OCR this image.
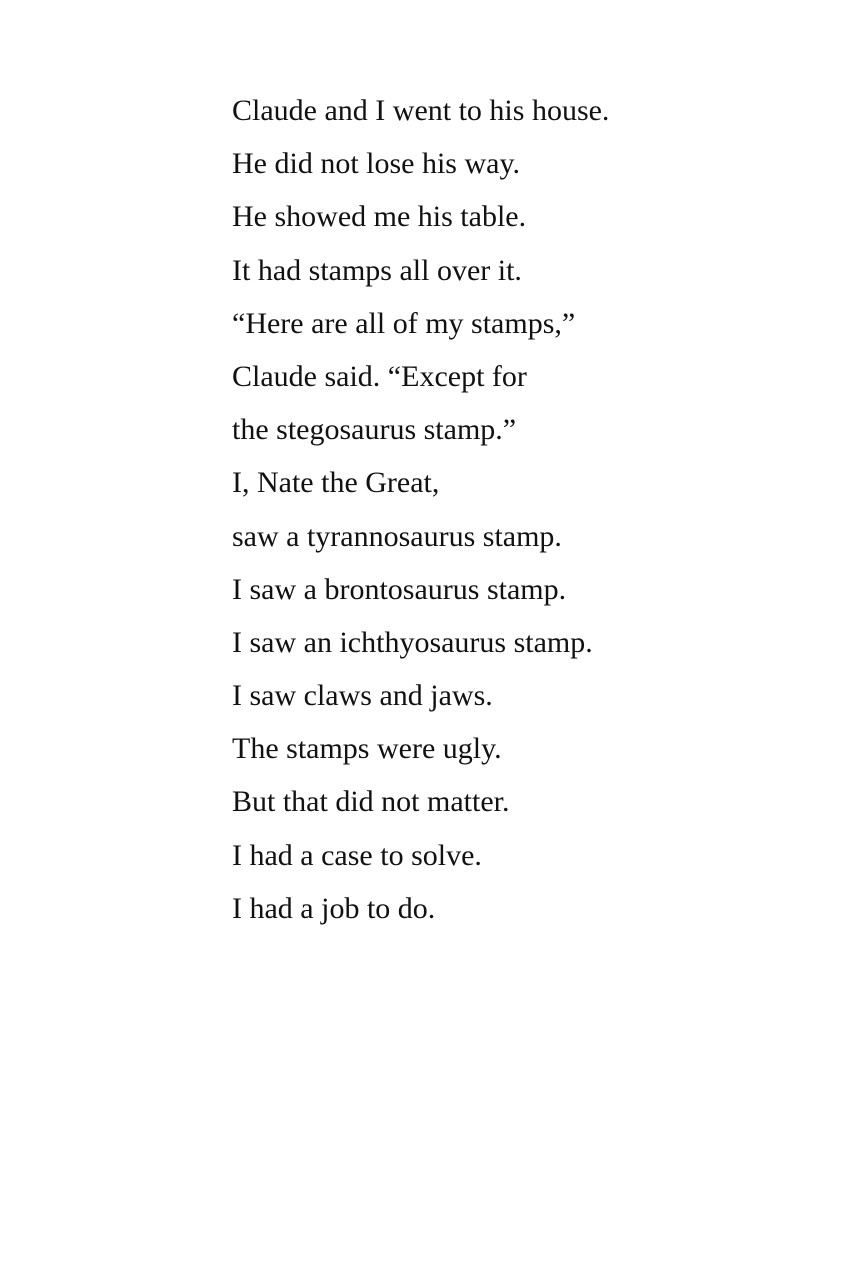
Claude and I went to his house.
He did not lose his way.
He showed me his table.
It had stamps all over it.
“Here are all of my stamps,”
Claude said. “Except for
the stegosaurus stamp.”
I, Nate the Great,
saw a tyrannosaurus stamp.
I saw a brontosaurus stamp.
I saw an ichthyosaurus stamp.
I saw claws and jaws.
The stamps were ugly.
But that did not matter.
I had a case to solve.
I had a job to do.
